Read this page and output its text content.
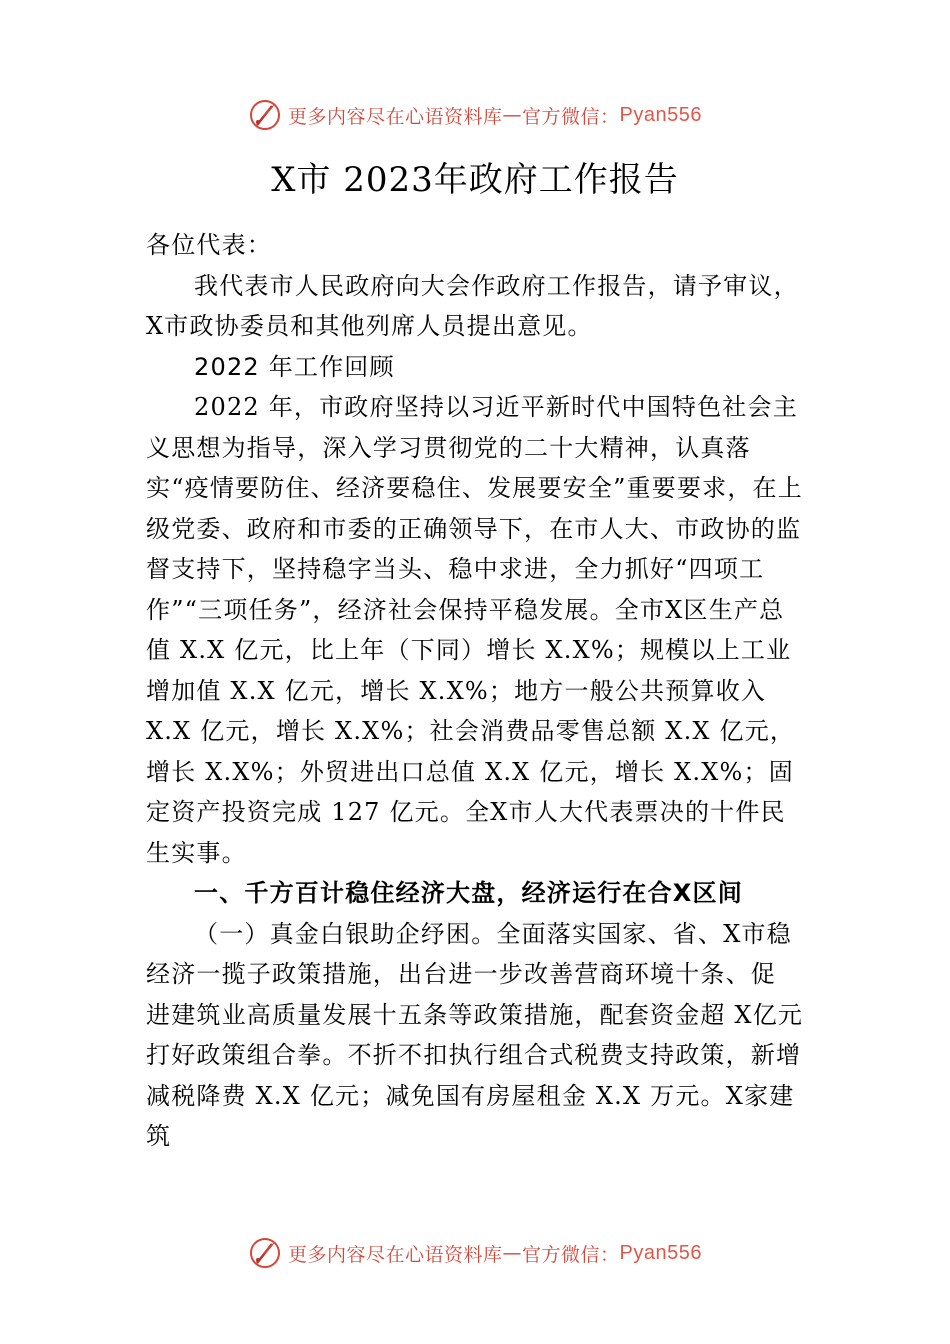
更多内容尽在心语资料库 — 官方微信： Pyan556
X市 2023年政府工作报告

各位代表：

我代表市人民政府向大会作政府工作报告，请予审议，X市政协委员和其他列席人员提出意见。

2022 年工作回顾

2022 年，市政府坚持以习近平新时代中国特色社会主义思想为指导，深入学习贯彻党的二十大精神，认真落实“疫情要防住、经济要稳住、发展要安全”重要要求，在上级党委、政府和市委的正确领导下，在市人大、市政协的监督支持下，坚持稳字当头、稳中求进，全力抓好“四项工作”“三项任务”，经济社会保持平稳发展。全市X区生产总值 X.X 亿元，比上年（下同）增长 X.X%；规模以上工业增加值 X.X 亿元，增长 X.X%；地方一般公共预算收入 X.X 亿元，增长 X.X%；社会消费品零售总额 X.X 亿元，增长 X.X%；外贸进出口总值 X.X 亿元，增长 X.X%；固定资产投资完成 127 亿元。全X市人大代表票决的十件民生实事。

一、千方百计稳住经济大盘，经济运行在合X区间

（一）真金白银助企纾困。全面落实国家、省、X市稳经济一揽子政策措施，出台进一步改善营商环境十条、促 进建筑业高质量发展十五条等政策措施，配套资金超 X亿元打好政策组合拳。不折不扣执行组合式税费支持政策，新增减税降费 X.X 亿元；减免国有房屋租金 X.X 万元。X家建筑

更多内容尽在心语资料库 — 官方微信： Pyan556
